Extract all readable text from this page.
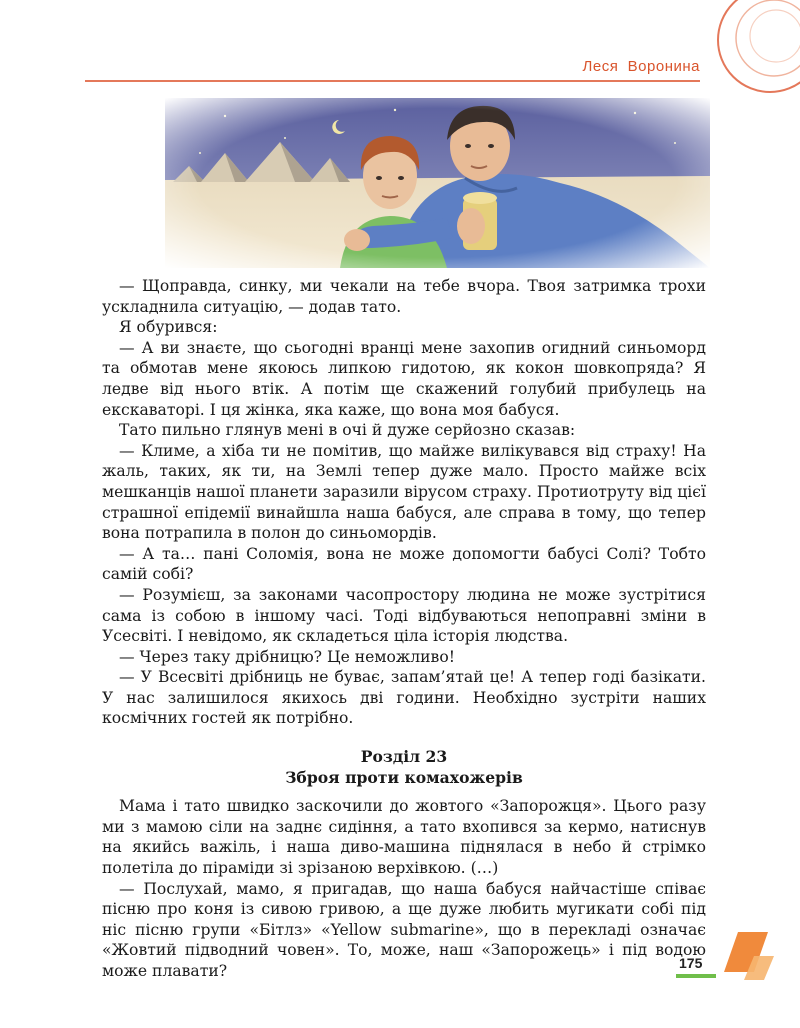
Леся  Воронина

— Щоправда, синку, ми чекали на тебе вчора. Твоя затримка трохи ускладнила ситуацію, — додав тато.

Я обурився:

— А ви знаєте, що сьогодні вранці мене захопив огидний синьоморд та обмотав мене якоюсь липкою гидотою, як кокон шовкопряда? Я ледве від нього втік. А потім ще скажений голубий прибулець на екскаваторі. І ця жінка, яка каже, що вона моя бабуся.

Тато пильно глянув мені в очі й дуже серйозно сказав:

— Климе, а хіба ти не помітив, що майже вилікувався від страху! На жаль, таких, як ти, на Землі тепер дуже мало. Просто майже всіх мешканців нашої планети заразили вірусом страху. Протиотруту від цієї страшної епідемії винайшла наша бабуся, але справа в тому, що тепер вона потрапила в полон до синьомордів.

— А та… пані Соломія, вона не може допомогти бабусі Солі? Тобто самій собі?

— Розумієш, за законами часопростору людина не може зустрітися сама із собою в іншому часі. Тоді відбуваються непоправні зміни в Усесвіті. І невідомо, як складеться ціла історія людства.

— Через таку дрібницю? Це неможливо!

— У Всесвіті дрібниць не буває, запам’ятай це! А тепер годі базікати. У нас залишилося якихось дві години. Необхідно зустріти наших космічних гостей як потрібно.

Розділ 23

Зброя проти комахожерів

Мама і тато швидко заскочили до жовтого «Запорожця». Цього разу ми з мамою сіли на заднє сидіння, а тато вхопився за кермо, натиснув на якийсь важіль, і наша диво-машина піднялася в небо й стрімко полетіла до піраміди зі зрізаною верхівкою. (…)

— Послухай, мамо, я пригадав, що наша бабуся найчастіше співає пісню про коня із сивою гривою, а ще дуже любить мугикати собі під ніс пісню групи «Бітлз» «Yellow submarine», що в перекладі означає «Жовтий підводний човен». То, може, наш «Запорожець» і під водою може плавати?	175
